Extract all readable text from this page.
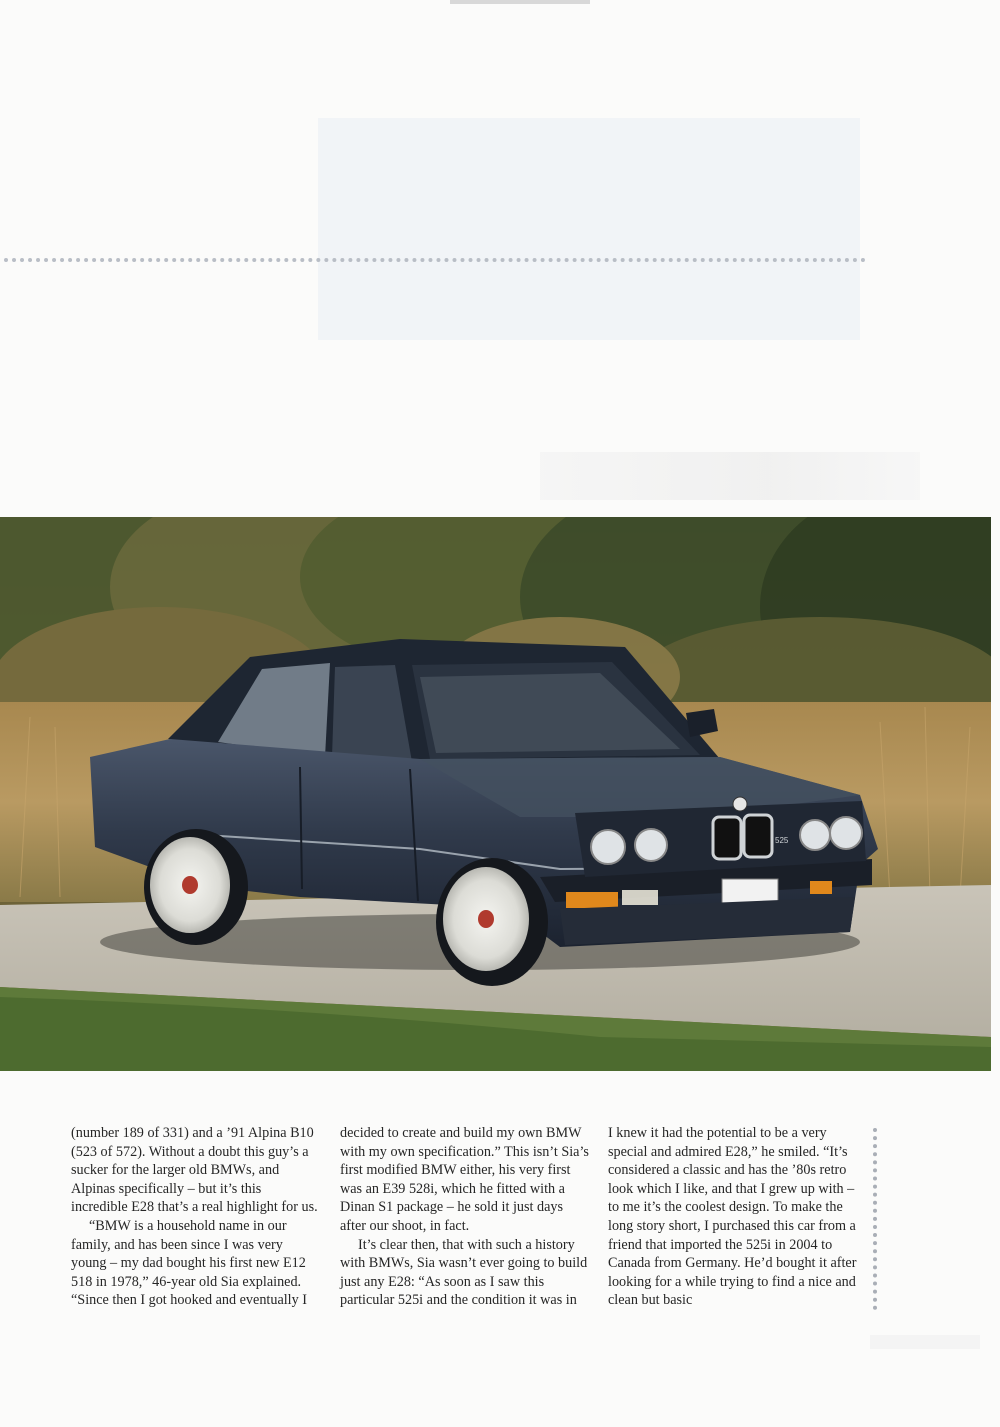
525

(number 189 of 331) and a ’91 Alpina B10 (523 of 572). Without a doubt this guy’s a sucker for the larger old BMWs, and Alpinas specifically – but it’s this incredible E28 that’s a real highlight for us.

“BMW is a household name in our family, and has been since I was very young – my dad bought his first new E12 518 in 1978,” 46-year old Sia explained. “Since then I got hooked and eventually I

decided to create and build my own BMW with my own specification.” This isn’t Sia’s first modified BMW either, his very first was an E39 528i, which he fitted with a Dinan S1 package – he sold it just days after our shoot, in fact.

It’s clear then, that with such a history with BMWs, Sia wasn’t ever going to build just any E28: “As soon as I saw this particular 525i and the condition it was in

I knew it had the potential to be a very special and admired E28,” he smiled. “It’s considered a classic and has the ’80s retro look which I like, and that I grew up with – to me it’s the coolest design. To make the long story short, I purchased this car from a friend that imported the 525i in 2004 to Canada from Germany. He’d bought it after looking for a while trying to find a nice and clean but basic
